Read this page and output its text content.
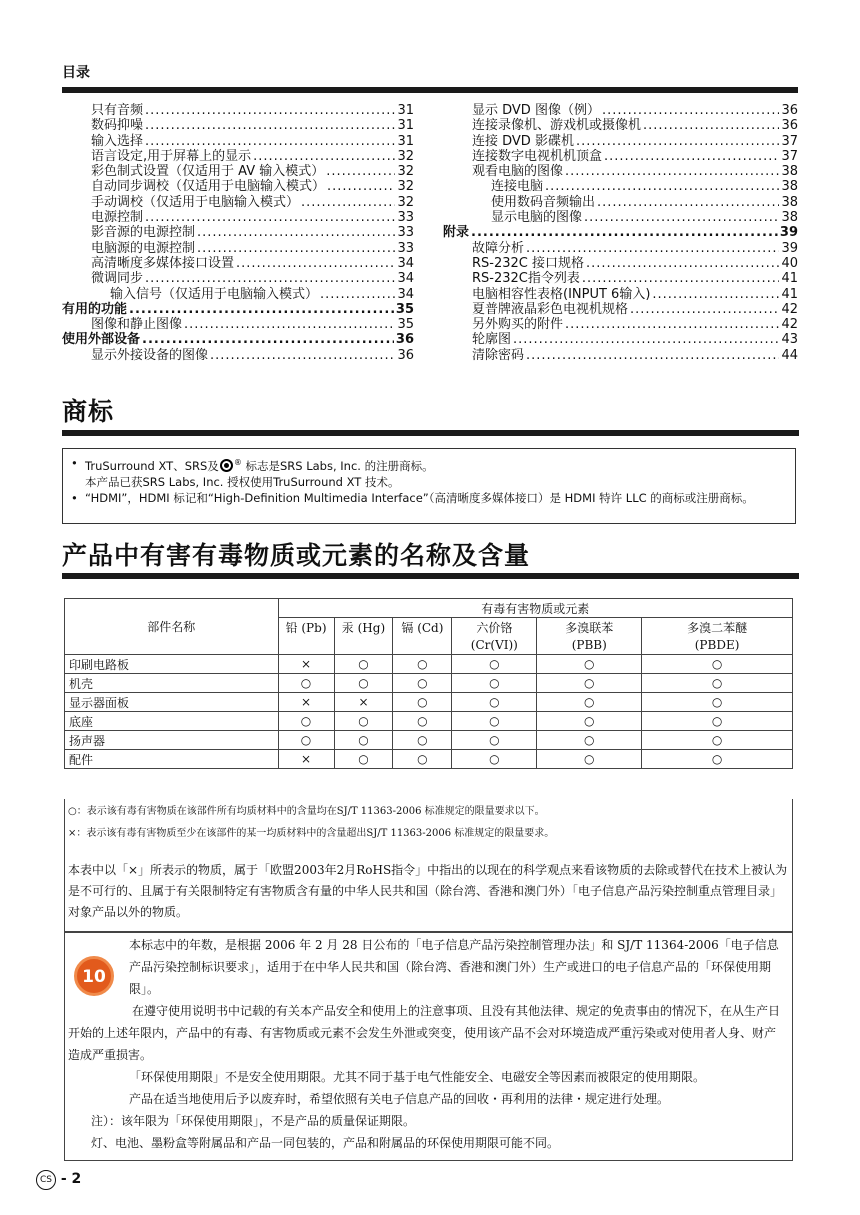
目录
只有音频 .....	31
数码抑噪 .....	31
输入选择 .....	31
语言设定,用于屏幕上的显示 .....	32
彩色制式设置（仅适用于 AV 输入模式） .....	32
自动同步调校（仅适用于电脑输入模式） .....	32
手动调校（仅适用于电脑输入模式） .....	32
电源控制 .....	33
影音源的电源控制 .....	33
电脑源的电源控制 .....	33
高清晰度多媒体接口设置 .....	34
微调同步 .....	34
输入信号（仅适用于电脑输入模式） .....	34
有用的功能 .....	35
图像和静止图像 .....	35
使用外部设备 .....	36
显示外接设备的图像 .....	36
显示 DVD 图像（例） .....	36
连接录像机、游戏机或摄像机 .....	36
连接 DVD 影碟机 .....	37
连接数字电视机机顶盒 .....	37
观看电脑的图像 .....	38
连接电脑 .....	38
使用数码音频输出 .....	38
显示电脑的图像 .....	38
附录 .....	39
故障分析 .....	39
RS-232C 接口规格 .....	40
RS-232C指令列表 .....	41
电脑相容性表格(INPUT 6输入) .....	41
夏普牌液晶彩色电视机规格 .....	42
另外购买的附件 .....	42
轮廓图 .....	43
清除密码 .....	44
商标
• TruSurround XT、SRS及 ® 标志是SRS Labs, Inc. 的注册商标。
本产品已获SRS Labs, Inc. 授权使用TruSurround XT 技术。
• “HDMI”，HDMI 标记和“High-Definition Multimedia Interface”（高清晰度多媒体接口）是 HDMI 特许 LLC 的商标或注册商标。
产品中有害有毒物质或元素的名称及含量
部件名称	有毒有害物质或元素					
	铅 (Pb)	汞 (Hg)	镉 (Cd)	六价铬	多溴联苯	多溴二苯醚
				(Cr(VI))	(PBB)	(PBDE)
印刷电路板	×	○	○	○	○	○
机壳	○	○	○	○	○	○
显示器面板	×	×	○	○	○	○
底座	○	○	○	○	○	○
扬声器	○	○	○	○	○	○
配件	×	○	○	○	○	○
○：表示该有毒有害物质在该部件所有均质材料中的含量均在SJ/T 11363-2006 标准规定的限量要求以下。
×：表示该有毒有害物质至少在该部件的某一均质材料中的含量超出SJ/T 11363-2006 标准规定的限量要求。
本表中以「×」所表示的物质，属于「欧盟2003年2月RoHS指令」中指出的以现在的科学观点来看该物质的去除或替代在技术上被认为是不可行的、且属于有关限制特定有害物质含有量的中华人民共和国（除台湾、香港和澳门外）「电子信息产品污染控制重点管理目录」对象产品以外的物质。
10
本标志中的年数，是根据 2006 年 2 月 28 日公布的「电子信息产品污染控制管理办法」和 SJ/T 11364-2006「电子信息产品污染控制标识要求」，适用于在中华人民共和国（除台湾、香港和澳门外）生产或进口的电子信息产品的「环保使用期限」。
在遵守使用说明书中记载的有关本产品安全和使用上的注意事项、且没有其他法律、规定的免责事由的情况下，在从生产日开始的上述年限内，产品中的有毒、有害物质或元素不会发生外泄或突变，使用该产品不会对环境造成严重污染或对使用者人身、财产造成严重损害。
「环保使用期限」不是安全使用期限。尤其不同于基于电气性能安全、电磁安全等因素而被限定的使用期限。
产品在适当地使用后予以废弃时，希望依照有关电子信息产品的回收・再利用的法律・规定进行处理。
注）：该年限为「环保使用期限」，不是产品的质量保证期限。
灯、电池、墨粉盒等附属品和产品一同包装的，产品和附属品的环保使用期限可能不同。
CS - 2
